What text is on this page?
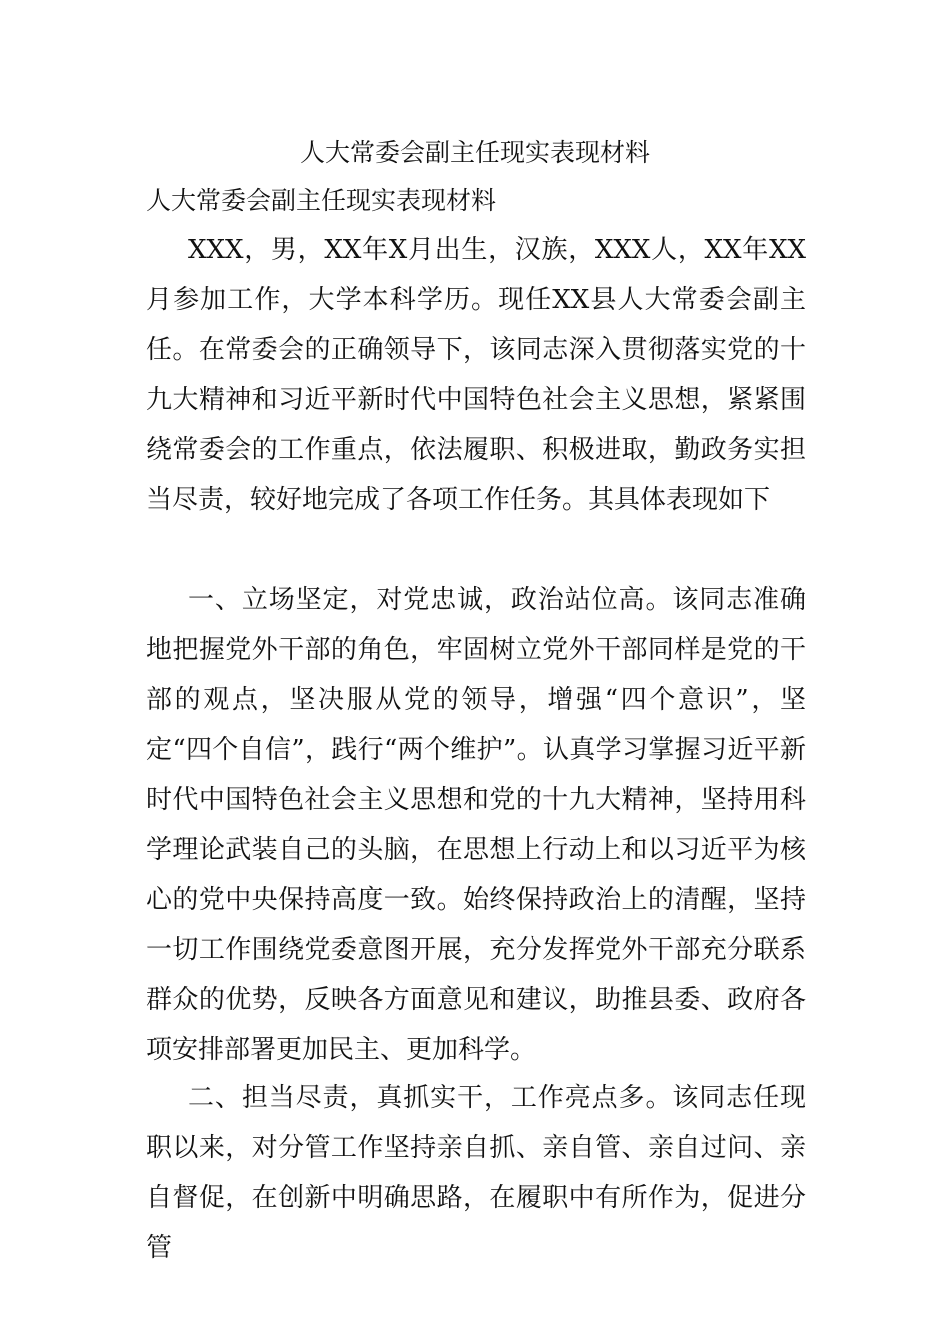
人大常委会副主任现实表现材料
人大常委会副主任现实表现材料

XXX，男，XX年X月出生，汉族，XXX人，XX年XX月参加工作，大学本科学历。现任XX县人大常委会副主任。在常委会的正确领导下，该同志深入贯彻落实党的十九大精神和习近平新时代中国特色社会主义思想，紧紧围绕常委会的工作重点，依法履职、积极进取，勤政务实担当尽责，较好地完成了各项工作任务。其具体表现如下

一、立场坚定，对党忠诚，政治站位高。该同志准确地把握党外干部的角色，牢固树立党外干部同样是党的干部的观点，坚决服从党的领导，增强“四个意识”，坚定“四个自信”，践行“两个维护”。认真学习掌握习近平新时代中国特色社会主义思想和党的十九大精神，坚持用科学理论武装自己的头脑，在思想上行动上和以习近平为核心的党中央保持高度一致。始终保持政治上的清醒，坚持一切工作围绕党委意图开展，充分发挥党外干部充分联系群众的优势，反映各方面意见和建议，助推县委、政府各项安排部署更加民主、更加科学。

二、担当尽责，真抓实干，工作亮点多。该同志任现职以来，对分管工作坚持亲自抓、亲自管、亲自过问、亲自督促，在创新中明确思路，在履职中有所作为，促进分管
